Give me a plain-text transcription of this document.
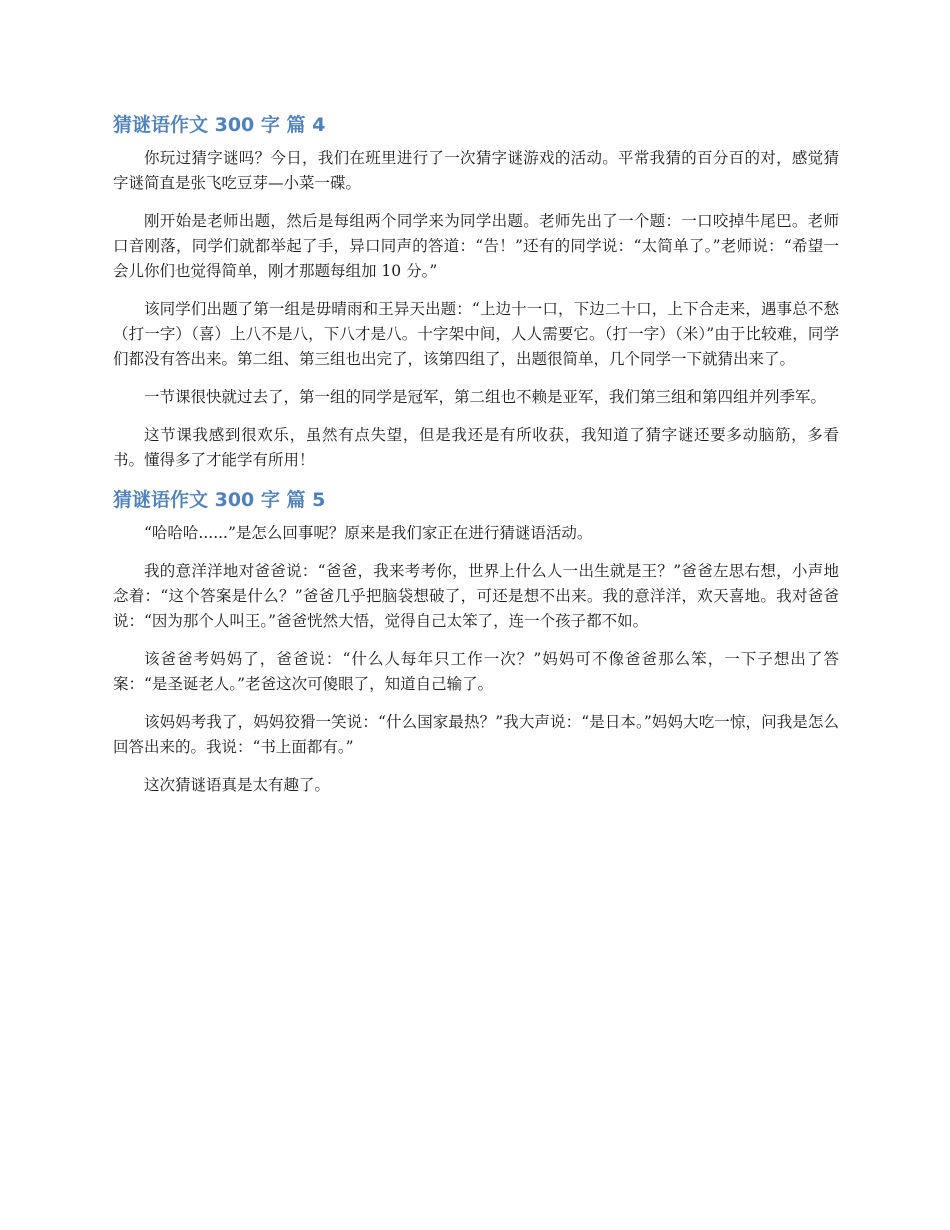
猜谜语作文 300 字 篇 4

你玩过猜字谜吗？今日，我们在班里进行了一次猜字谜游戏的活动。平常我猜的百分百的对，感觉猜字谜简直是张飞吃豆芽—小菜一碟。

刚开始是老师出题，然后是每组两个同学来为同学出题。老师先出了一个题：一口咬掉牛尾巴。老师口音刚落，同学们就都举起了手，异口同声的答道：“告！”还有的同学说：“太简单了。”老师说：“希望一会儿你们也觉得简单，刚才那题每组加 10 分。”

该同学们出题了第一组是毋晴雨和王异天出题：“上边十一口，下边二十口，上下合走来，遇事总不愁（打一字）（喜）上八不是八，下八才是八。十字架中间，人人需要它。（打一字）（米）”由于比较难，同学们都没有答出来。第二组、第三组也出完了，该第四组了，出题很简单，几个同学一下就猜出来了。

一节课很快就过去了，第一组的同学是冠军，第二组也不赖是亚军，我们第三组和第四组并列季军。

这节课我感到很欢乐，虽然有点失望，但是我还是有所收获，我知道了猜字谜还要多动脑筋，多看书。懂得多了才能学有所用！

猜谜语作文 300 字 篇 5

“哈哈哈......”是怎么回事呢？原来是我们家正在进行猜谜语活动。

我的意洋洋地对爸爸说：“爸爸，我来考考你，世界上什么人一出生就是王？”爸爸左思右想，小声地念着：“这个答案是什么？”爸爸几乎把脑袋想破了，可还是想不出来。我的意洋洋，欢天喜地。我对爸爸说：“因为那个人叫王。”爸爸恍然大悟，觉得自己太笨了，连一个孩子都不如。

该爸爸考妈妈了，爸爸说：“什么人每年只工作一次？”妈妈可不像爸爸那么笨，一下子想出了答案：“是圣诞老人。”老爸这次可傻眼了，知道自己输了。

该妈妈考我了，妈妈狡猾一笑说：“什么国家最热？”我大声说：“是日本。”妈妈大吃一惊，问我是怎么回答出来的。我说：“书上面都有。”

这次猜谜语真是太有趣了。
